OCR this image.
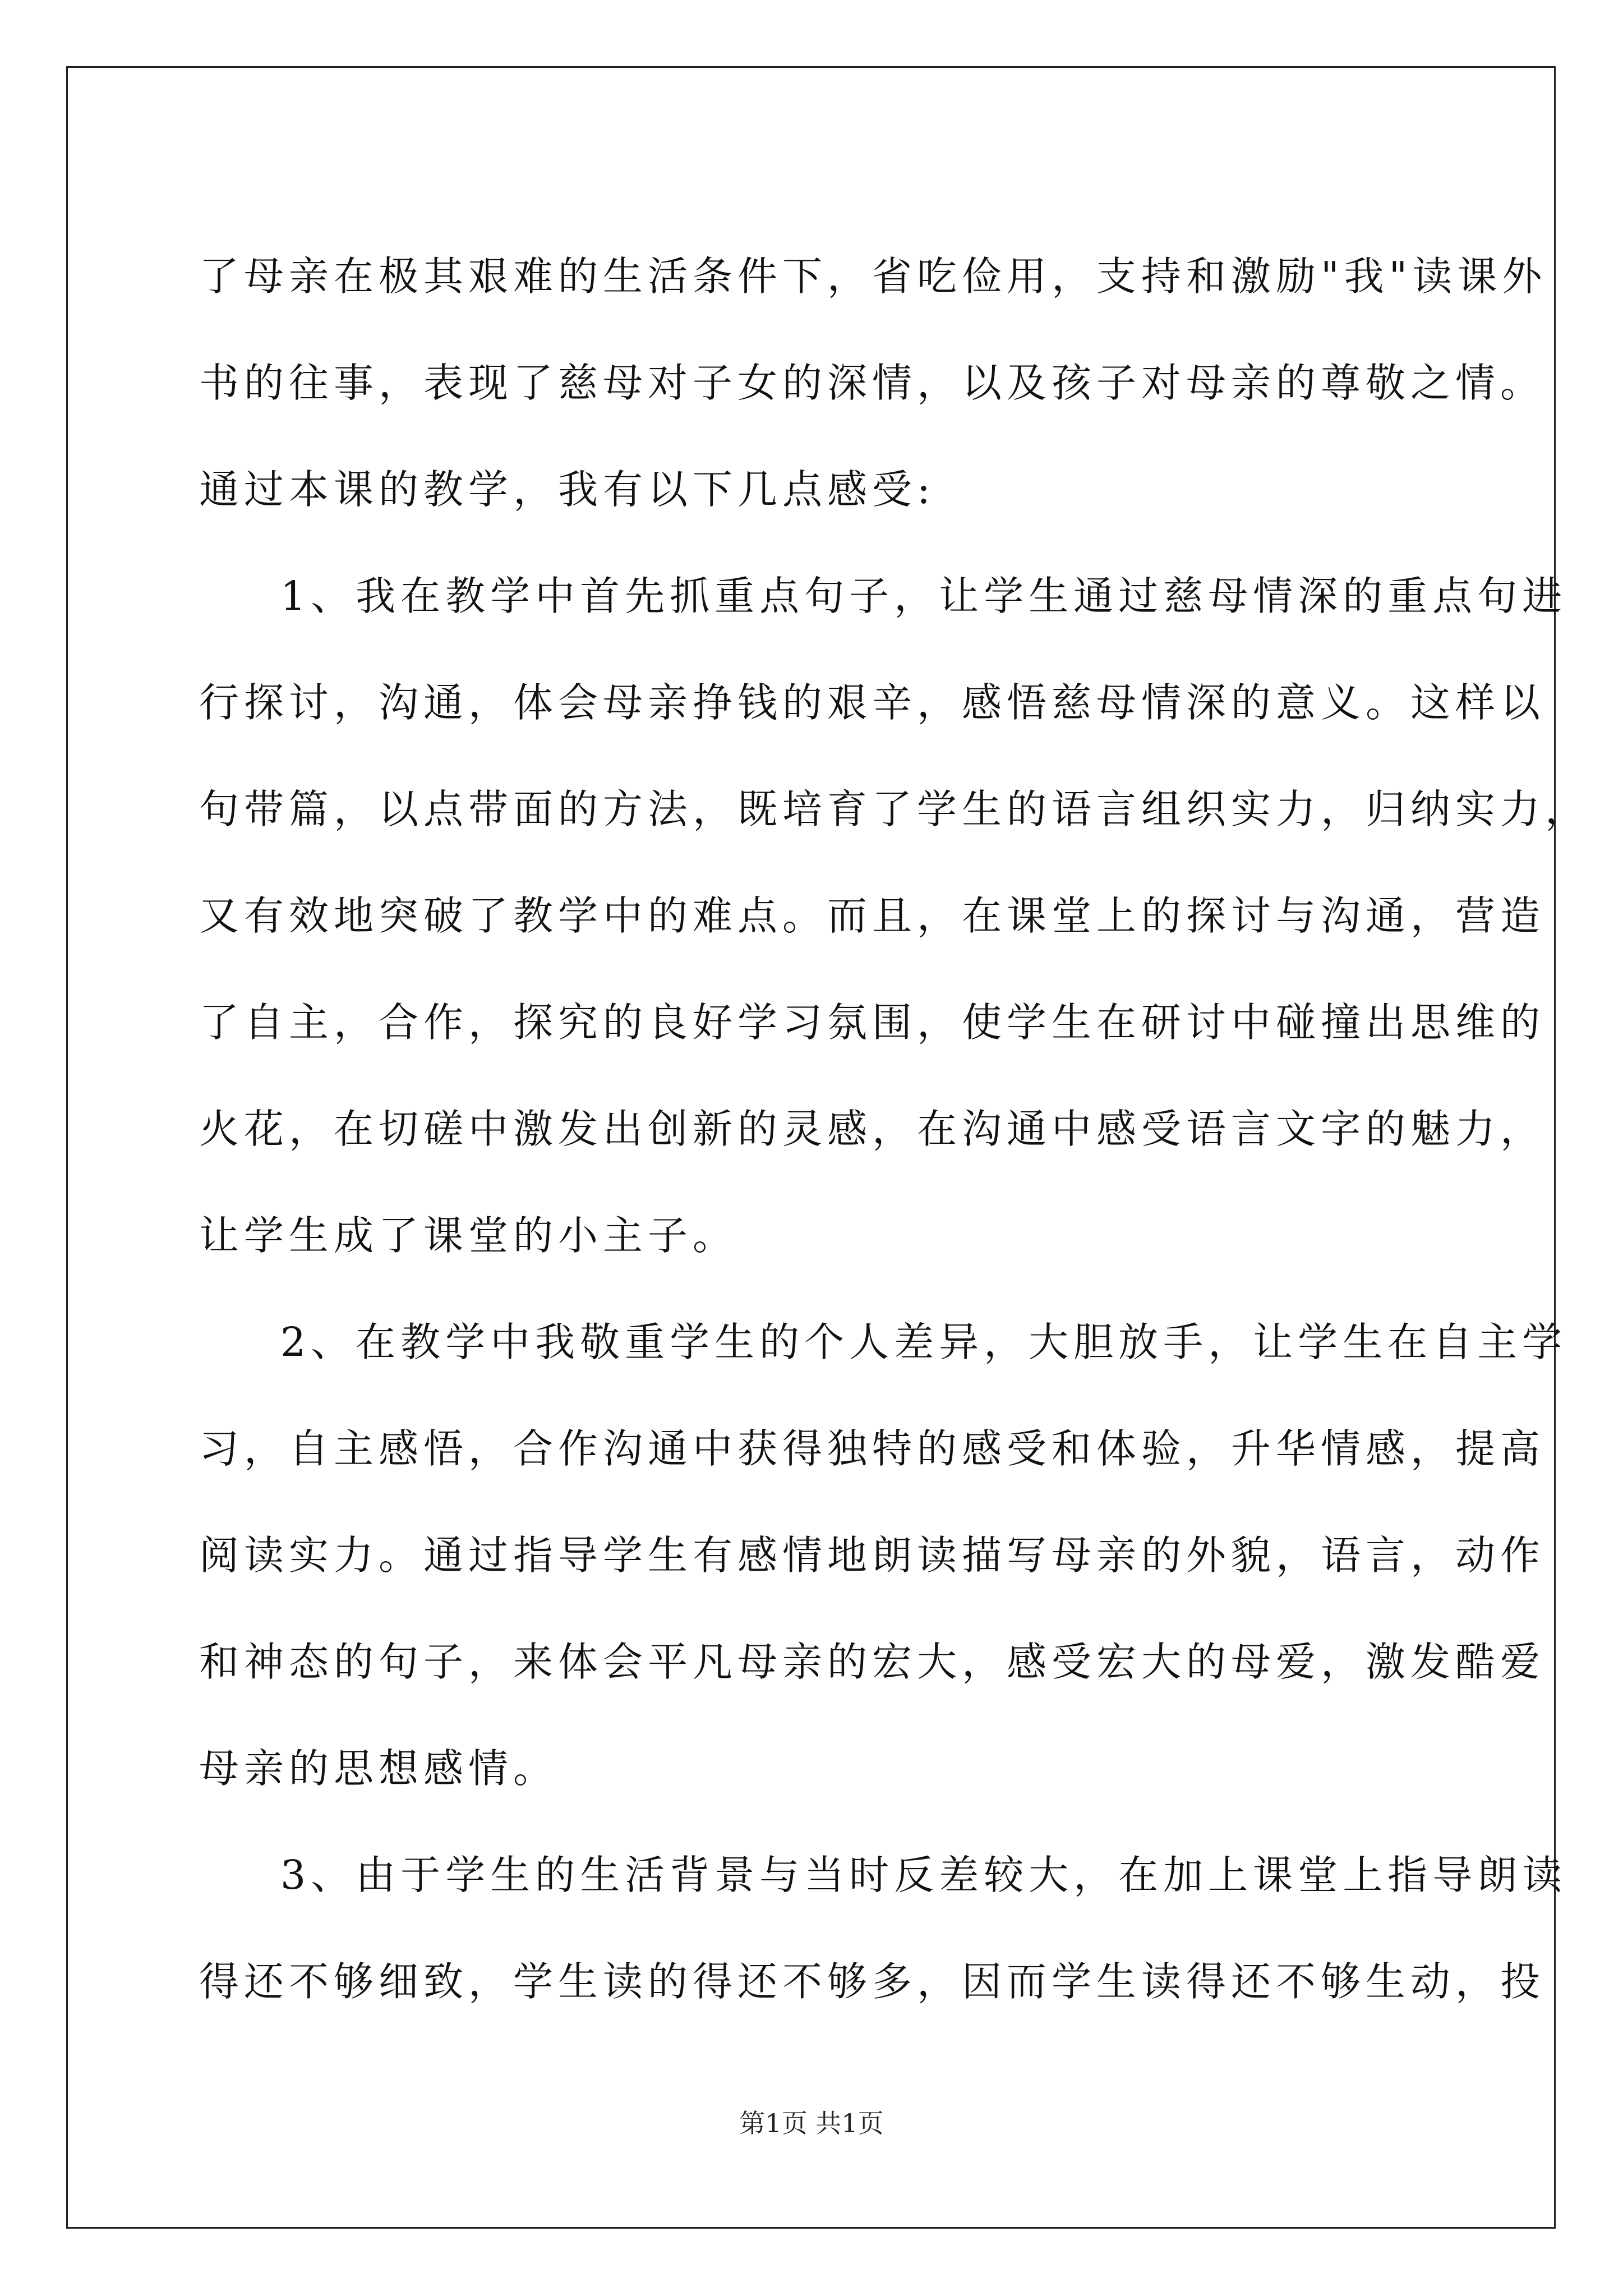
了母亲在极其艰难的生活条件下，省吃俭用，支持和激励"我"读课外
书的往事，表现了慈母对子女的深情，以及孩子对母亲的尊敬之情。
通过本课的教学，我有以下几点感受:
1、我在教学中首先抓重点句子，让学生通过慈母情深的重点句进
行探讨，沟通，体会母亲挣钱的艰辛，感悟慈母情深的意义。这样以
句带篇，以点带面的方法，既培育了学生的语言组织实力，归纳实力，
又有效地突破了教学中的难点。而且，在课堂上的探讨与沟通，营造
了自主，合作，探究的良好学习氛围，使学生在研讨中碰撞出思维的
火花，在切磋中激发出创新的灵感，在沟通中感受语言文字的魅力，
让学生成了课堂的小主子。
2、在教学中我敬重学生的个人差异，大胆放手，让学生在自主学
习，自主感悟，合作沟通中获得独特的感受和体验，升华情感，提高
阅读实力。通过指导学生有感情地朗读描写母亲的外貌，语言，动作
和神态的句子，来体会平凡母亲的宏大，感受宏大的母爱，激发酷爱
母亲的思想感情。
3、由于学生的生活背景与当时反差较大，在加上课堂上指导朗读
得还不够细致，学生读的得还不够多，因而学生读得还不够生动，投
第1页 共1页
